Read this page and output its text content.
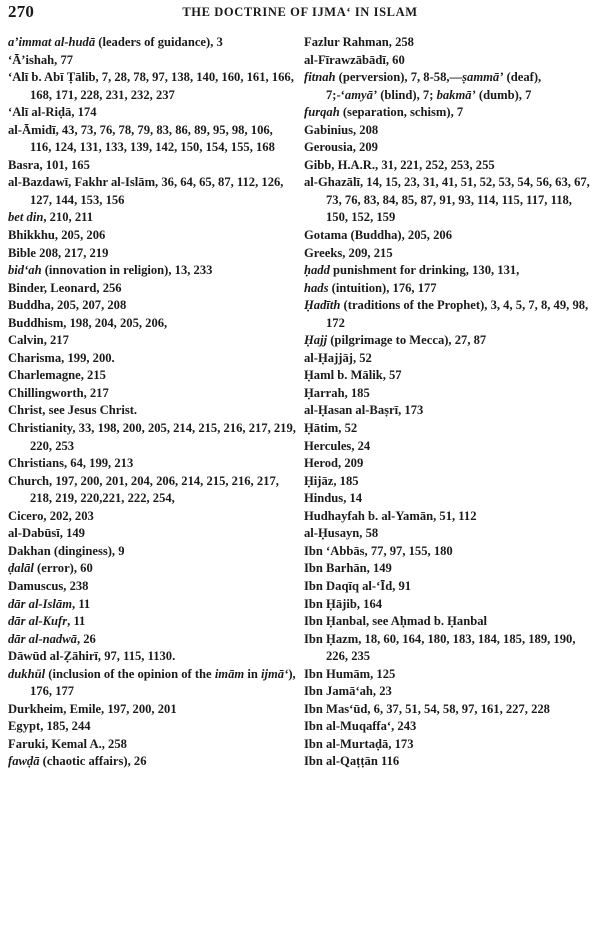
270	THE DOCTRINE OF IJMA‘ IN ISLAM

a’immat al-hudā (leaders of guidance), 3

‘Ā’ishah, 77

‘Alī b. Abī Ṭālib, 7, 28, 78, 97, 138, 140, 160, 161, 166, 168, 171, 228, 231, 232, 237

‘Alī al-Riḍā, 174

al-Āmidī, 43, 73, 76, 78, 79, 83, 86, 89, 95, 98, 106, 116, 124, 131, 133, 139, 142, 150, 154, 155, 168

Basra, 101, 165

al-Bazdawī, Fakhr al-Islām, 36, 64, 65, 87, 112, 126, 127, 144, 153, 156

bet din, 210, 211

Bhikkhu, 205, 206

Bible 208, 217, 219

bid‘ah (innovation in religion), 13, 233

Binder, Leonard, 256

Buddha, 205, 207, 208

Buddhism, 198, 204, 205, 206,

Calvin, 217

Charisma, 199, 200.

Charlemagne, 215

Chillingworth, 217

Christ, see Jesus Christ.

Christianity, 33, 198, 200, 205, 214, 215, 216, 217, 219, 220, 253

Christians, 64, 199, 213

Church, 197, 200, 201, 204, 206, 214, 215, 216, 217, 218, 219, 220,221, 222, 254,

Cicero, 202, 203

al-Dabūsī, 149

Dakhan (dinginess), 9

ḍalāl (error), 60

Damuscus, 238

dār al-Islām, 11

dār al-Kufr, 11

dār al-nadwā, 26

Dāwūd al-Ẓāhirī, 97, 115, 1130.

dukhūl (inclusion of the opinion of the imām in ijmā‘), 176, 177

Durkheim, Emile, 197, 200, 201

Egypt, 185, 244

Faruki, Kemal A., 258

fawḍā (chaotic affairs), 26

Fazlur Rahman, 258

al-Fīrawzābādī, 60

fitnah (perversion), 7, 8-58,—ṣammā’ (deaf), 7;-‘amyā’ (blind), 7; bakmā’ (dumb), 7

furqah (separation, schism), 7

Gabinius, 208

Gerousia, 209

Gibb, H.A.R., 31, 221, 252, 253, 255

al-Ghazālī, 14, 15, 23, 31, 41, 51, 52, 53, 54, 56, 63, 67, 73, 76, 83, 84, 85, 87, 91, 93, 114, 115, 117, 118, 150, 152, 159

Gotama (Buddha), 205, 206

Greeks, 209, 215

ḥadd punishment for drinking, 130, 131,

hads (intuition), 176, 177

Ḥadīth (traditions of the Prophet), 3, 4, 5, 7, 8, 49, 98, 172

Ḥajj (pilgrimage to Mecca), 27, 87

al-Ḥajjāj, 52

Ḥaml b. Mālik, 57

Ḥarrah, 185

al-Ḥasan al-Baṣrī, 173

Ḥātim, 52

Hercules, 24

Herod, 209

Ḥijāz, 185

Hindus, 14

Hudhayfah b. al-Yamān, 51, 112

al-Ḥusayn, 58

Ibn ‘Abbās, 77, 97, 155, 180

Ibn Barhān, 149

Ibn Daqīq al-‘Īd, 91

Ibn Ḥājib, 164

Ibn Ḥanbal, see Aḥmad b. Ḥanbal

Ibn Ḥazm, 18, 60, 164, 180, 183, 184, 185, 189, 190, 226, 235

Ibn Humām, 125

Ibn Jamā‘ah, 23

Ibn Mas‘ūd, 6, 37, 51, 54, 58, 97, 161, 227, 228

Ibn al-Muqaffa‘, 243

Ibn al-Murtaḍā, 173

Ibn al-Qaṭṭān 116
